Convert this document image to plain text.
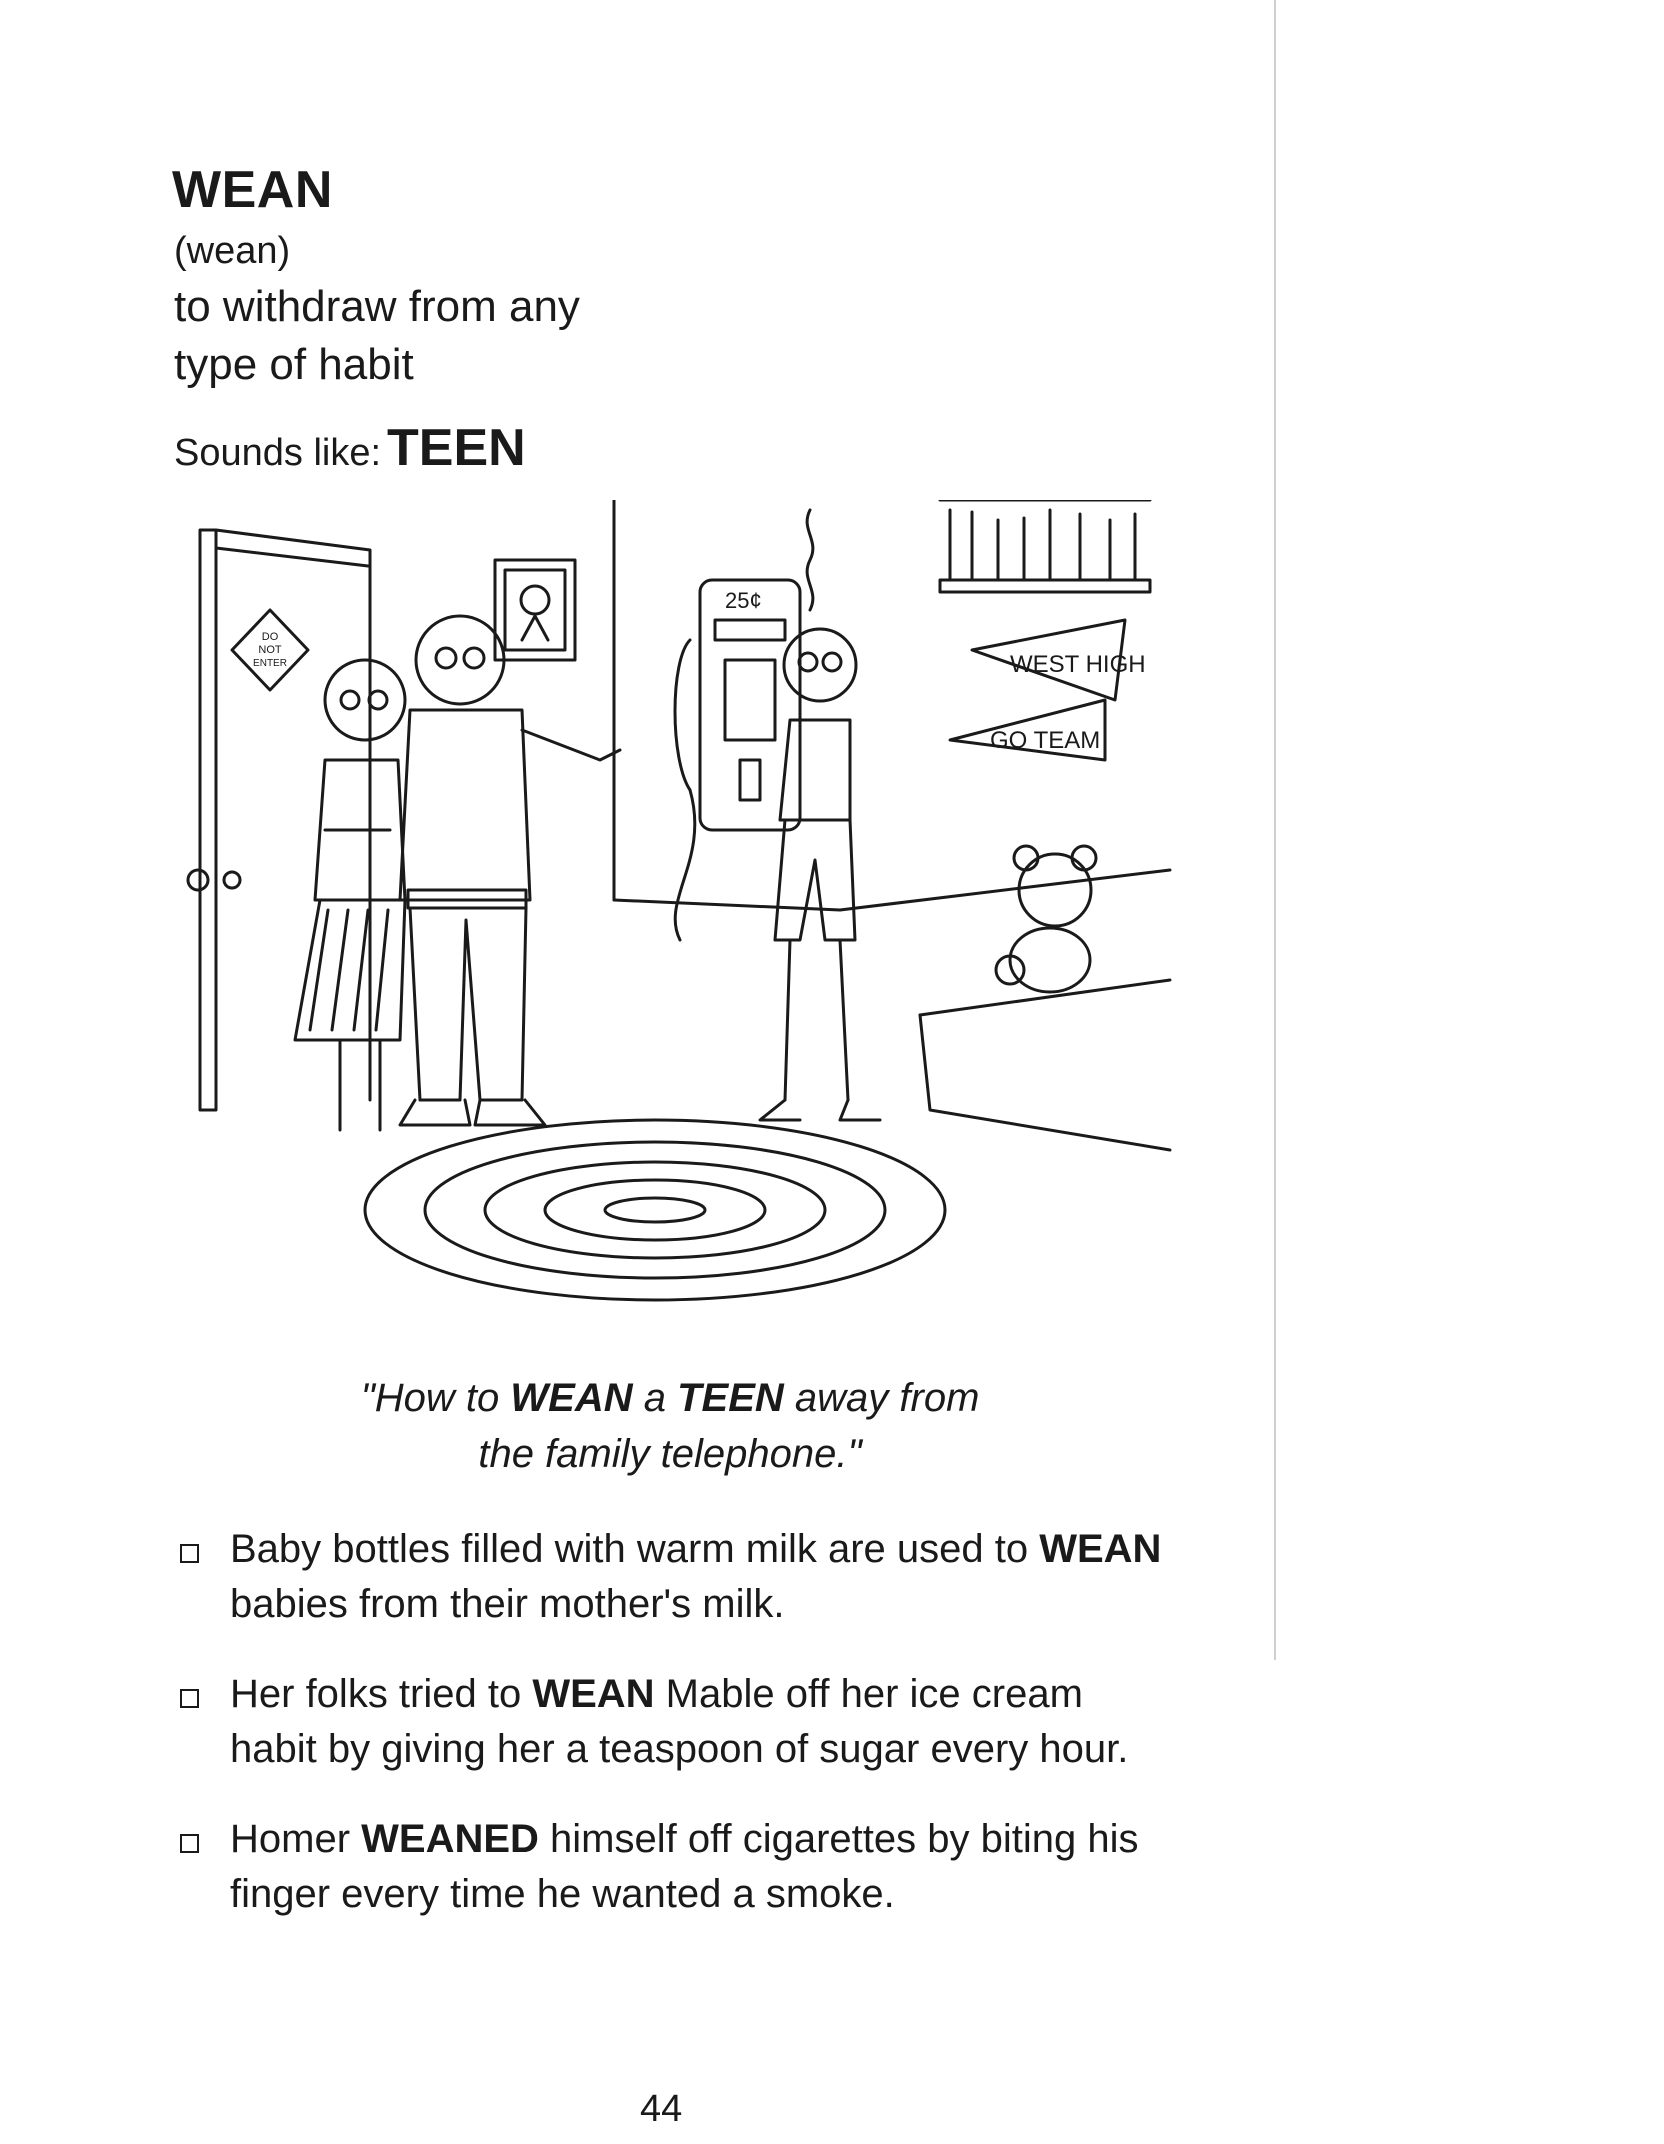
WEAN
(wean)
to withdraw from any
type of habit
Sounds like: TEEN
DO
NOT
ENTER
25¢
WEST HIGH
GO TEAM
"How to WEAN a TEEN away from
the family telephone."
Baby bottles filled with warm milk are used to WEAN babies from their mother's milk.
Her folks tried to WEAN Mable off her ice cream habit by giving her a teaspoon of sugar every hour.
Homer WEANED himself off cigarettes by biting his finger every time he wanted a smoke.
44
